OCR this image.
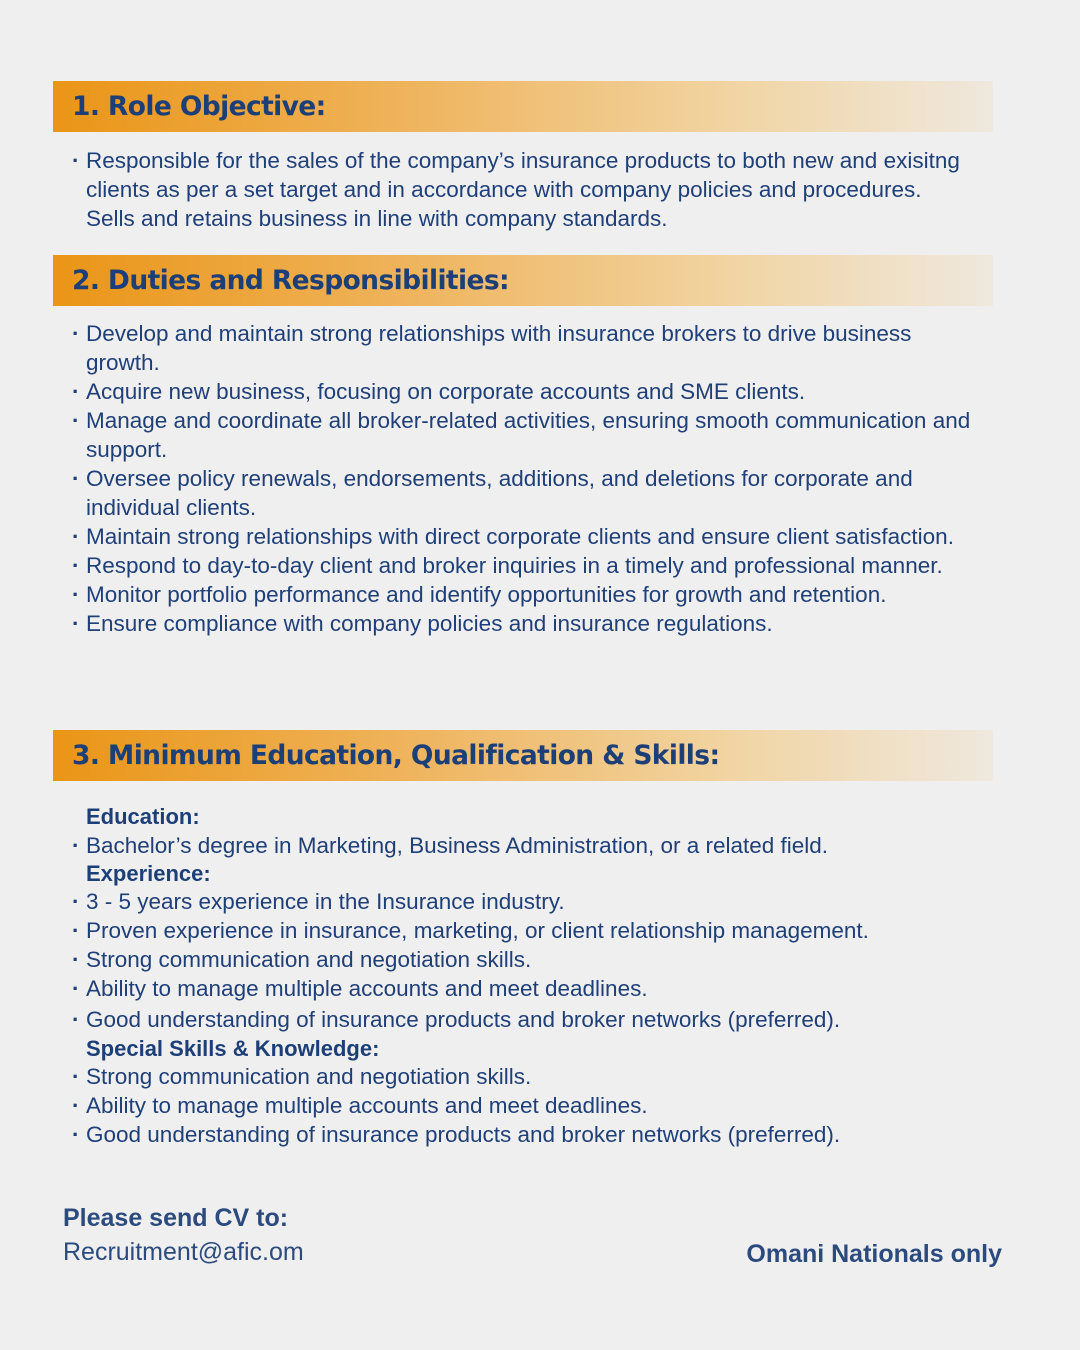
1. Role Objective:
· Responsible for the sales of the company’s insurance products to both new and exisitng clients as per a set target and in accordance with company policies and procedures. Sells and retains business in line with company standards.
2. Duties and Responsibilities:
· Develop and maintain strong relationships with insurance brokers to drive business growth.
· Acquire new business, focusing on corporate accounts and SME clients.
· Manage and coordinate all broker-related activities, ensuring smooth communication and support.
· Oversee policy renewals, endorsements, additions, and deletions for corporate and individual clients.
· Maintain strong relationships with direct corporate clients and ensure client satisfaction.
· Respond to day-to-day client and broker inquiries in a timely and professional manner.
· Monitor portfolio performance and identify opportunities for growth and retention.
· Ensure compliance with company policies and insurance regulations.
3. Minimum Education, Qualification & Skills:
Education:
· Bachelor’s degree in Marketing, Business Administration, or a related field.
Experience:
· 3 - 5 years experience in the Insurance industry.
· Proven experience in insurance, marketing, or client relationship management.
· Strong communication and negotiation skills.
· Ability to manage multiple accounts and meet deadlines.
· Good understanding of insurance products and broker networks (preferred).
Special Skills & Knowledge:
· Strong communication and negotiation skills.
· Ability to manage multiple accounts and meet deadlines.
· Good understanding of insurance products and broker networks (preferred).
Please send CV to:
Recruitment@afic.om	Omani Nationals only
